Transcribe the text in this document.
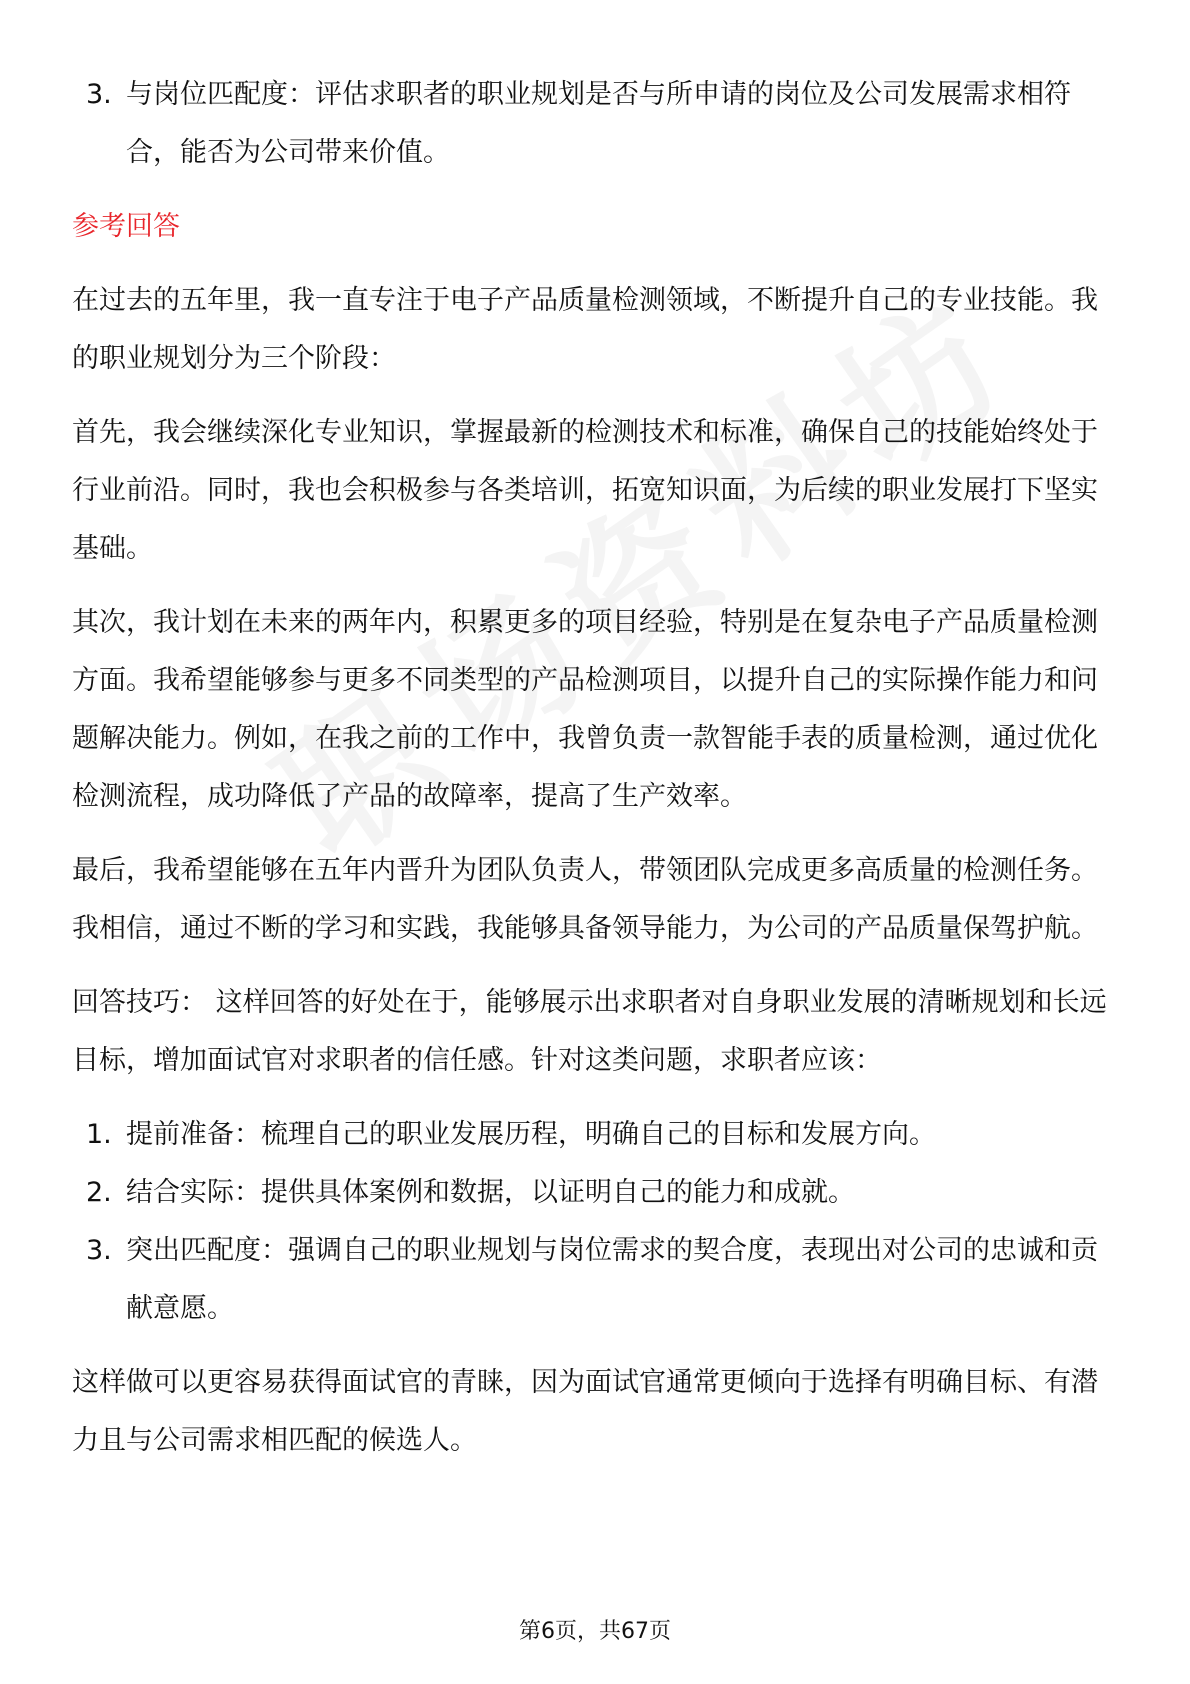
3. 与岗位匹配度：评估求职者的职业规划是否与所申请的岗位及公司发展需求相符合，能否为公司带来价值。
参考回答
在过去的五年里，我一直专注于电子产品质量检测领域，不断提升自己的专业技能。我的职业规划分为三个阶段：
首先，我会继续深化专业知识，掌握最新的检测技术和标准，确保自己的技能始终处于行业前沿。同时，我也会积极参与各类培训，拓宽知识面，为后续的职业发展打下坚实基础。
其次，我计划在未来的两年内，积累更多的项目经验，特别是在复杂电子产品质量检测方面。我希望能够参与更多不同类型的产品检测项目，以提升自己的实际操作能力和问题解决能力。例如，在我之前的工作中，我曾负责一款智能手表的质量检测，通过优化检测流程，成功降低了产品的故障率，提高了生产效率。
最后，我希望能够在五年内晋升为团队负责人，带领团队完成更多高质量的检测任务。我相信，通过不断的学习和实践，我能够具备领导能力，为公司的产品质量保驾护航。
回答技巧： 这样回答的好处在于，能够展示出求职者对自身职业发展的清晰规划和长远目标，增加面试官对求职者的信任感。针对这类问题，求职者应该：
1. 提前准备：梳理自己的职业发展历程，明确自己的目标和发展方向。
2. 结合实际：提供具体案例和数据，以证明自己的能力和成就。
3. 突出匹配度：强调自己的职业规划与岗位需求的契合度，表现出对公司的忠诚和贡献意愿。
这样做可以更容易获得面试官的青睐，因为面试官通常更倾向于选择有明确目标、有潜力且与公司需求相匹配的候选人。
第6页，共67页
